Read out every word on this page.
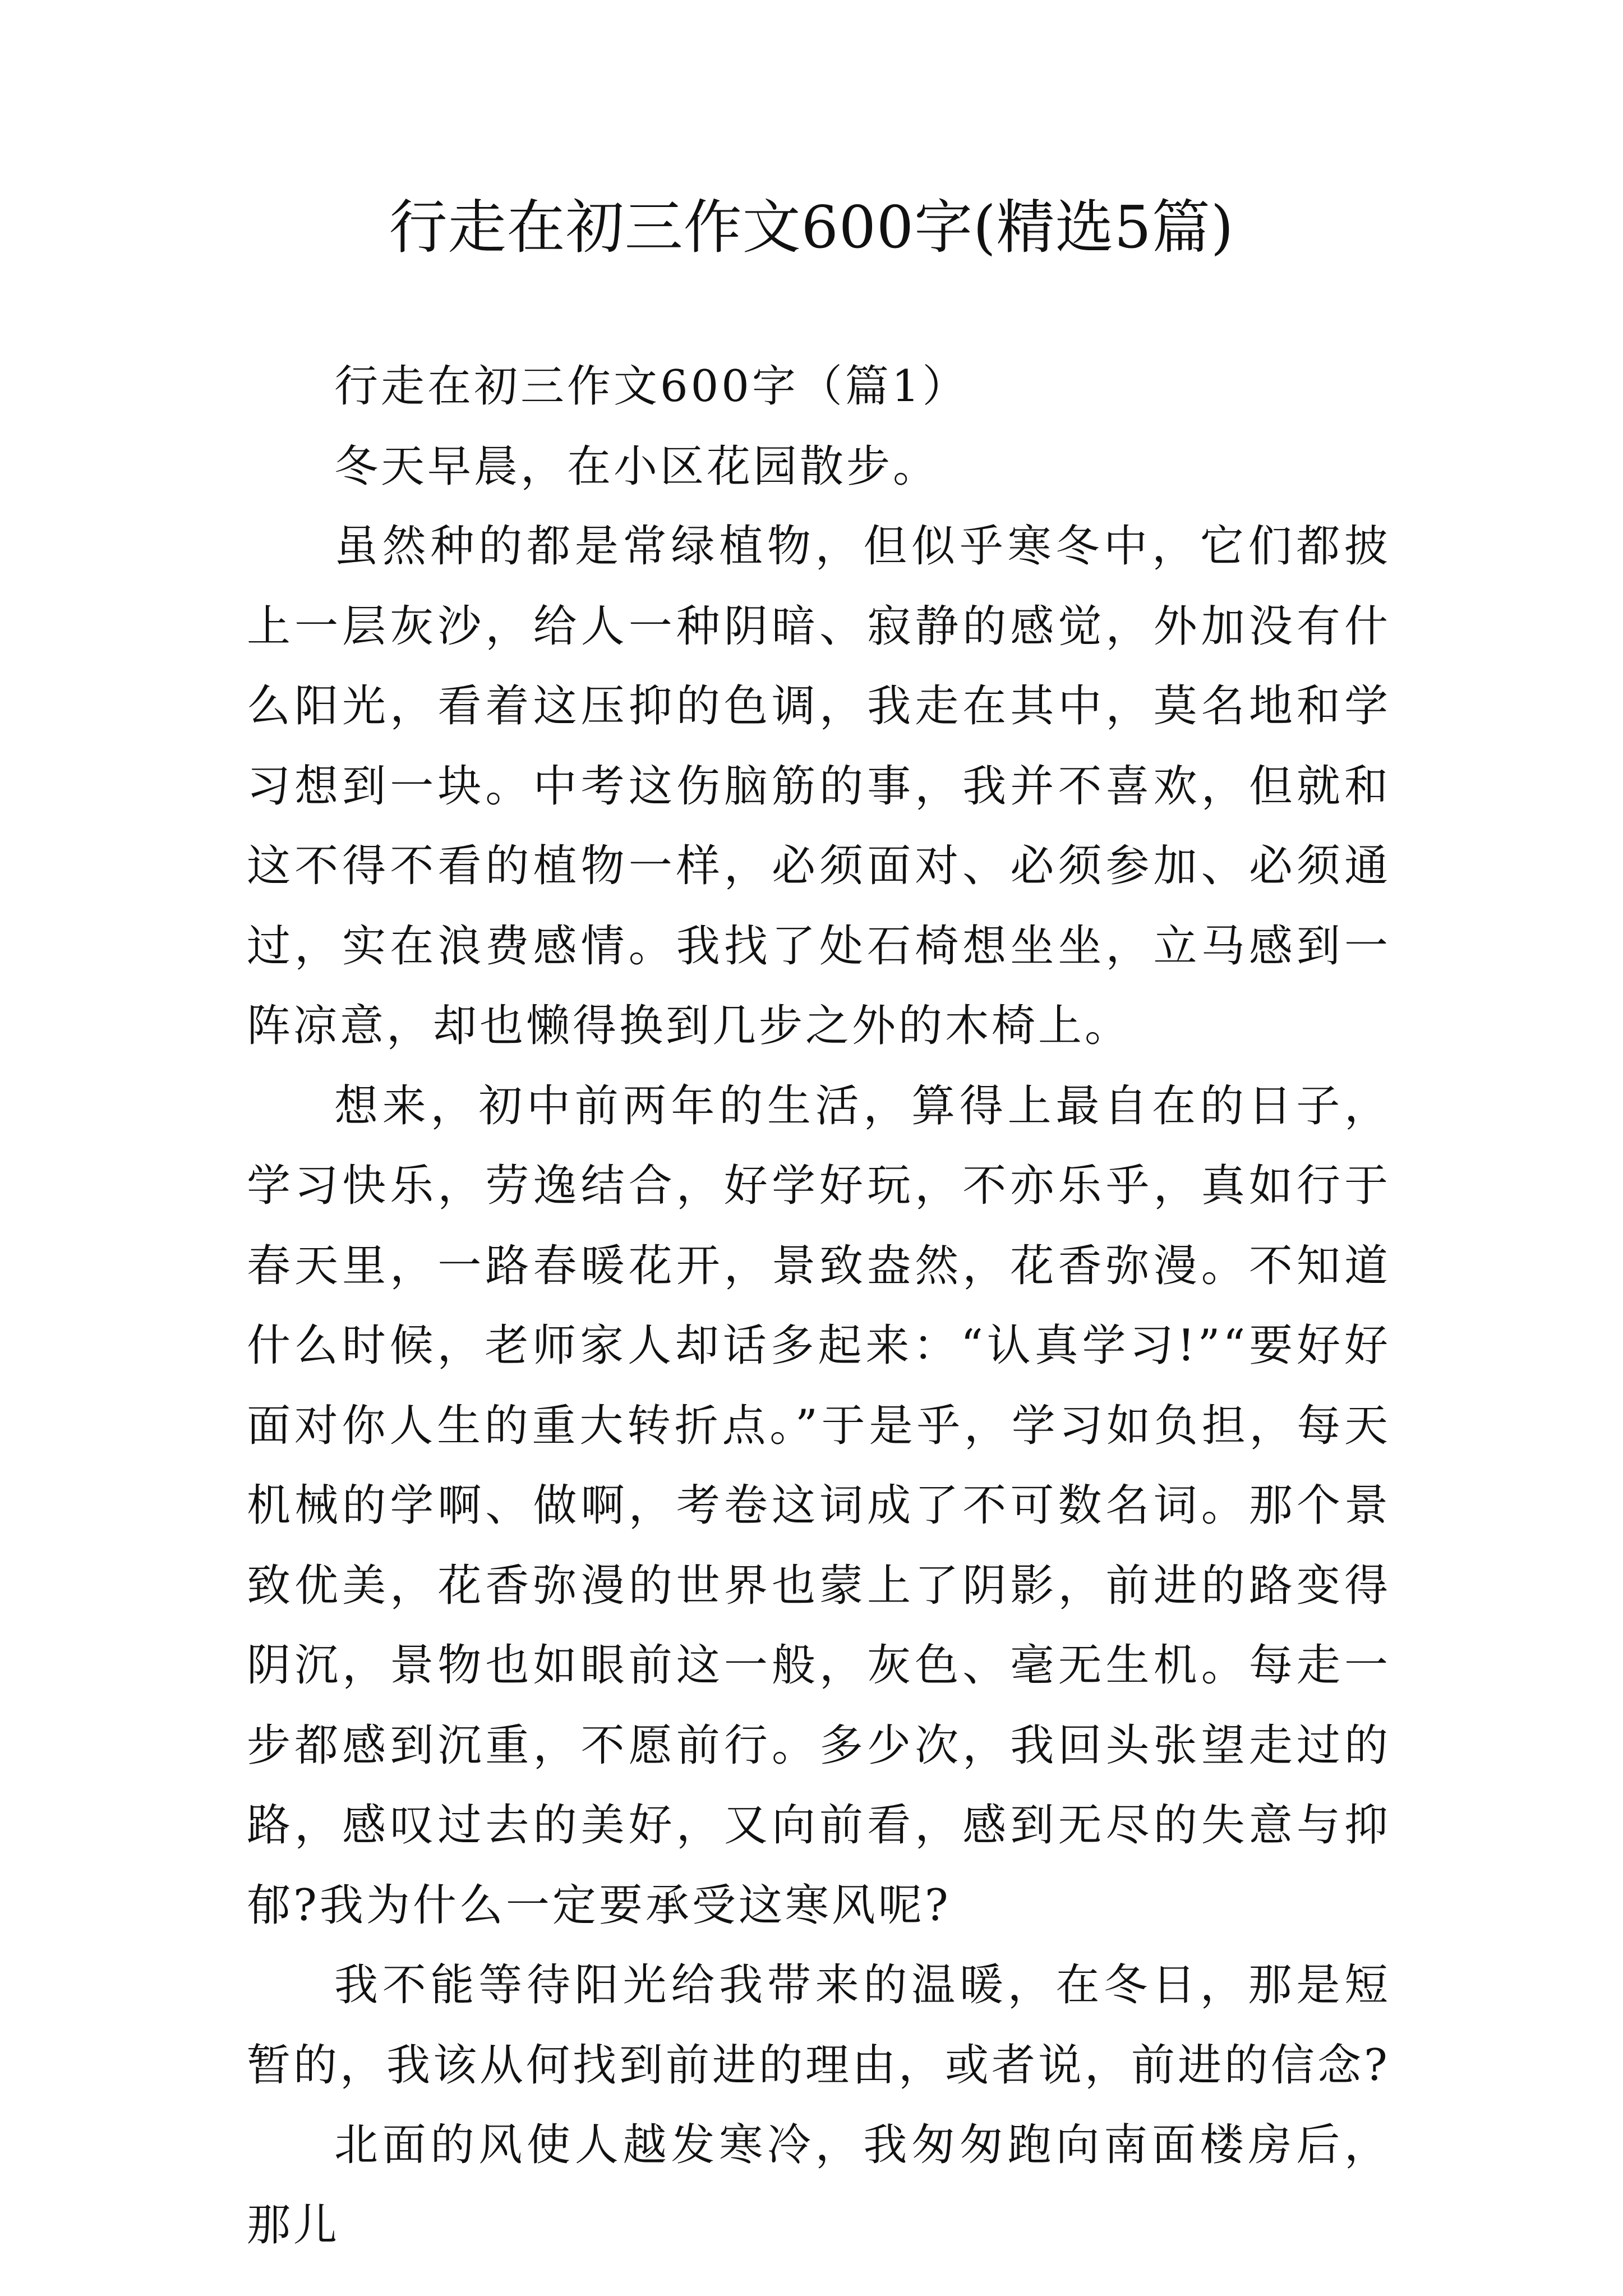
行走在初三作文600字(精选5篇)

行走在初三作文600字（篇1）

冬天早晨，在小区花园散步。

虽然种的都是常绿植物，但似乎寒冬中，它们都披上一层灰沙，给人一种阴暗、寂静的感觉，外加没有什么阳光，看着这压抑的色调，我走在其中，莫名地和学习想到一块。中考这伤脑筋的事，我并不喜欢，但就和这不得不看的植物一样，必须面对、必须参加、必须通过，实在浪费感情。我找了处石椅想坐坐，立马感到一阵凉意，却也懒得换到几步之外的木椅上。

想来，初中前两年的生活，算得上最自在的日子，学习快乐，劳逸结合，好学好玩，不亦乐乎，真如行于春天里，一路春暖花开，景致盎然，花香弥漫。不知道什么时候，老师家人却话多起来：“认真学习!”“要好好面对你人生的重大转折点。”于是乎，学习如负担，每天机械的学啊、做啊，考卷这词成了不可数名词。那个景致优美，花香弥漫的世界也蒙上了阴影，前进的路变得阴沉，景物也如眼前这一般，灰色、毫无生机。每走一步都感到沉重，不愿前行。多少次，我回头张望走过的路，感叹过去的美好，又向前看，感到无尽的失意与抑郁?我为什么一定要承受这寒风呢?

我不能等待阳光给我带来的温暖，在冬日，那是短暂的，我该从何找到前进的理由，或者说，前进的信念?

北面的风使人越发寒冷，我匆匆跑向南面楼房后，那儿
